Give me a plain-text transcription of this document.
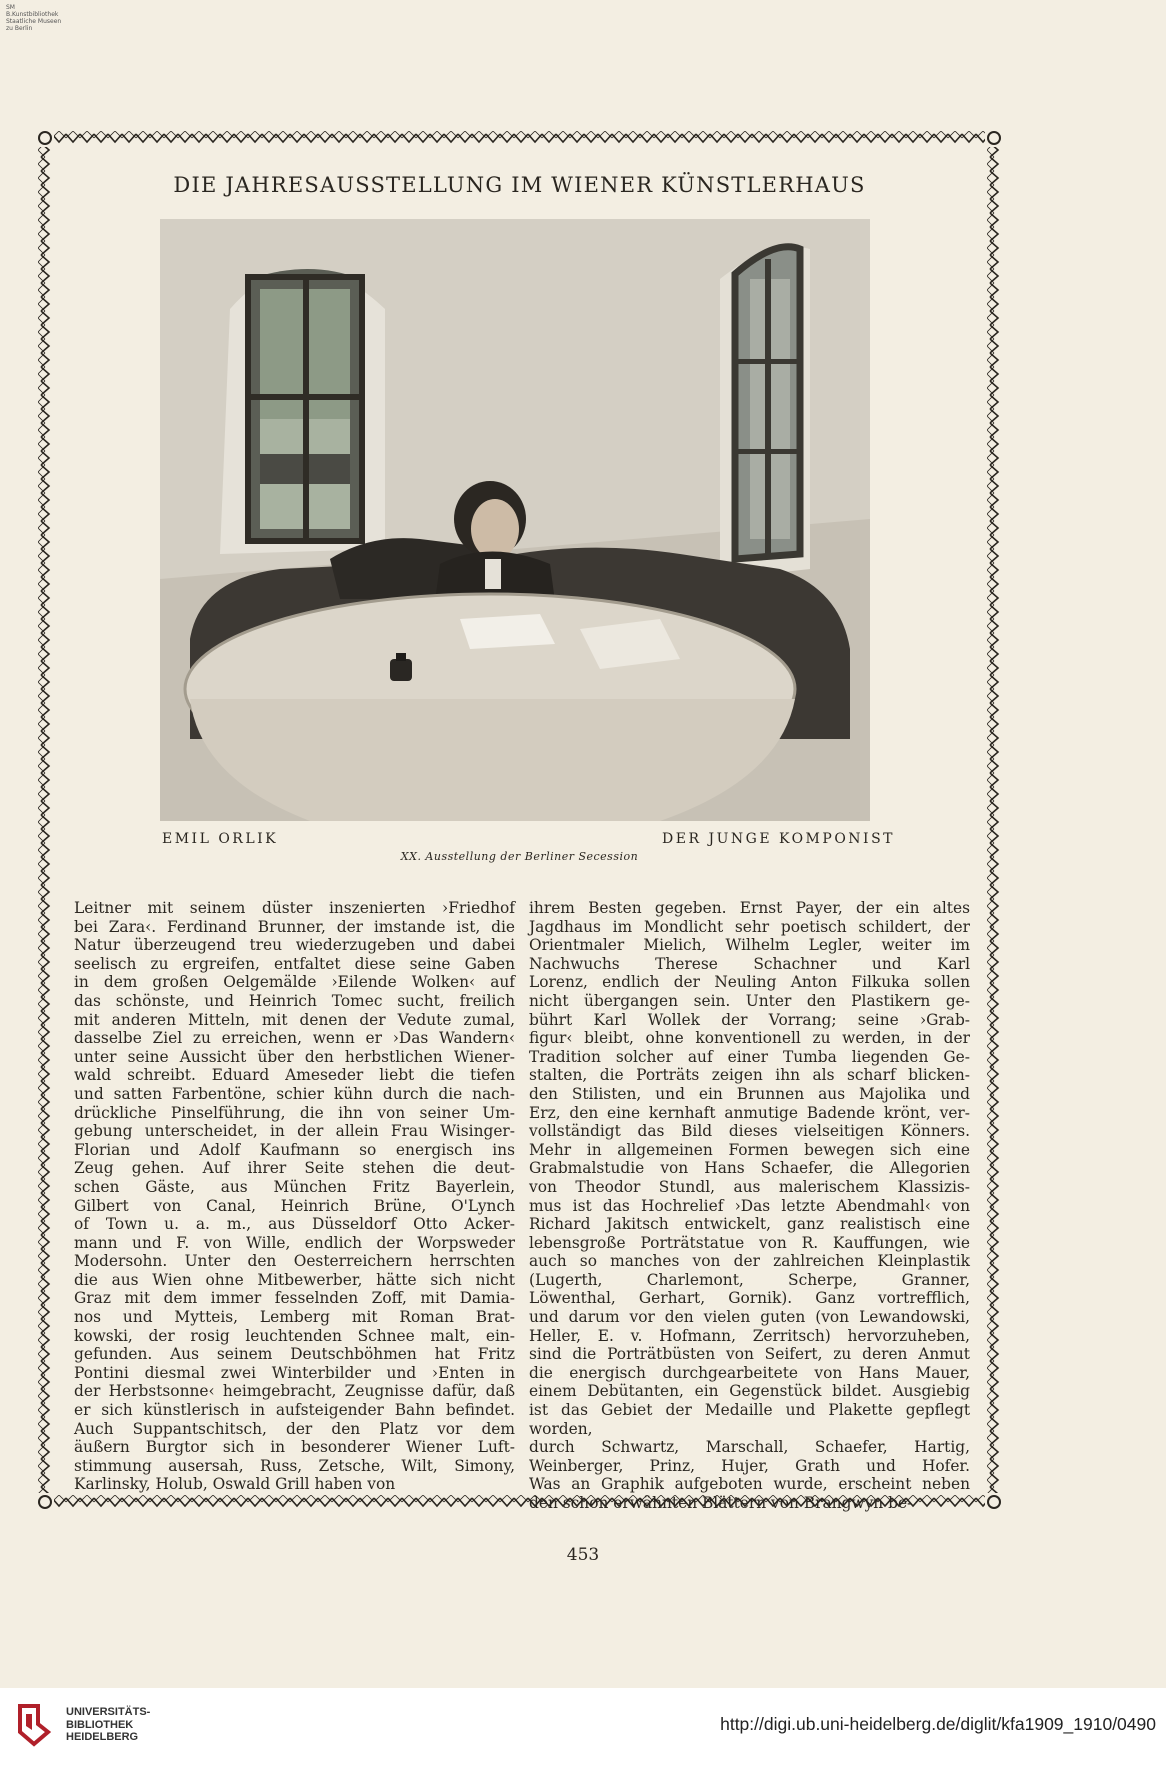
SM
B.Kunstbibliothek
Staatliche Museen
zu Berlin
DIE JAHRESAUSSTELLUNG IM WIENER KÜNSTLERHAUS
EMIL ORLIK	DER JUNGE KOMPONIST
XX. Ausstellung der Berliner Secession

Leitner mit seinem düster inszenierten ›Friedhof

bei Zara‹. Ferdinand Brunner, der imstande ist, die

Natur überzeugend treu wiederzugeben und dabei

seelisch zu ergreifen, entfaltet diese seine Gaben

in dem großen Oelgemälde ›Eilende Wolken‹ auf

das schönste, und Heinrich Tomec sucht, freilich

mit anderen Mitteln, mit denen der Vedute zumal,

dasselbe Ziel zu erreichen, wenn er ›Das Wandern‹

unter seine Aussicht über den herbstlichen Wiener-

wald schreibt. Eduard Ameseder liebt die tiefen

und satten Farbentöne, schier kühn durch die nach-

drückliche Pinselführung, die ihn von seiner Um-

gebung unterscheidet, in der allein Frau Wisinger-

Florian und Adolf Kaufmann so energisch ins

Zeug gehen. Auf ihrer Seite stehen die deut-

schen Gäste, aus München Fritz Bayerlein,

Gilbert von Canal, Heinrich Brüne, O'Lynch

of Town u. a. m., aus Düsseldorf Otto Acker-

mann und F. von Wille, endlich der Worpsweder

Modersohn. Unter den Oesterreichern herrschten

die aus Wien ohne Mitbewerber, hätte sich nicht

Graz mit dem immer fesselnden Zoff, mit Damia-

nos und Mytteis, Lemberg mit Roman Brat-

kowski, der rosig leuchtenden Schnee malt, ein-

gefunden. Aus seinem Deutschböhmen hat Fritz

Pontini diesmal zwei Winterbilder und ›Enten in

der Herbstsonne‹ heimgebracht, Zeugnisse dafür, daß

er sich künstlerisch in aufsteigender Bahn befindet.

Auch Suppantschitsch, der den Platz vor dem

äußern Burgtor sich in besonderer Wiener Luft-

stimmung ausersah, Russ, Zetsche, Wilt, Simony,

Karlinsky, Holub, Oswald Grill haben von

ihrem Besten gegeben. Ernst Payer, der ein altes

Jagdhaus im Mondlicht sehr poetisch schildert, der

Orientmaler Mielich, Wilhelm Legler, weiter im

Nachwuchs Therese Schachner und Karl

Lorenz, endlich der Neuling Anton Filkuka sollen

nicht übergangen sein. Unter den Plastikern ge-

bührt Karl Wollek der Vorrang; seine ›Grab-

figur‹ bleibt, ohne konventionell zu werden, in der

Tradition solcher auf einer Tumba liegenden Ge-

stalten, die Porträts zeigen ihn als scharf blicken-

den Stilisten, und ein Brunnen aus Majolika und

Erz, den eine kernhaft anmutige Badende krönt, ver-

vollständigt das Bild dieses vielseitigen Könners.

Mehr in allgemeinen Formen bewegen sich eine

Grabmalstudie von Hans Schaefer, die Allegorien

von Theodor Stundl, aus malerischem Klassizis-

mus ist das Hochrelief ›Das letzte Abendmahl‹ von

Richard Jakitsch entwickelt, ganz realistisch eine

lebensgroße Porträtstatue von R. Kauffungen, wie

auch so manches von der zahlreichen Kleinplastik

(Lugerth, Charlemont, Scherpe, Granner,

Löwenthal, Gerhart, Gornik). Ganz vortrefflich,

und darum vor den vielen guten (von Lewandowski,

Heller, E. v. Hofmann, Zerritsch) hervorzuheben,

sind die Porträtbüsten von Seifert, zu deren Anmut

die energisch durchgearbeitete von Hans Mauer,

einem Debütanten, ein Gegenstück bildet. Ausgiebig

ist das Gebiet der Medaille und Plakette gepflegt worden,

durch Schwartz, Marschall, Schaefer, Hartig,

Weinberger, Prinz, Hujer, Grath und Hofer.

Was an Graphik aufgeboten wurde, erscheint neben

den schon erwähnten Blättern von Brangwyn be-

453
UNIVERSITÄTS-
BIBLIOTHEK
HEIDELBERG
http://digi.ub.uni-heidelberg.de/diglit/kfa1909_1910/0490
